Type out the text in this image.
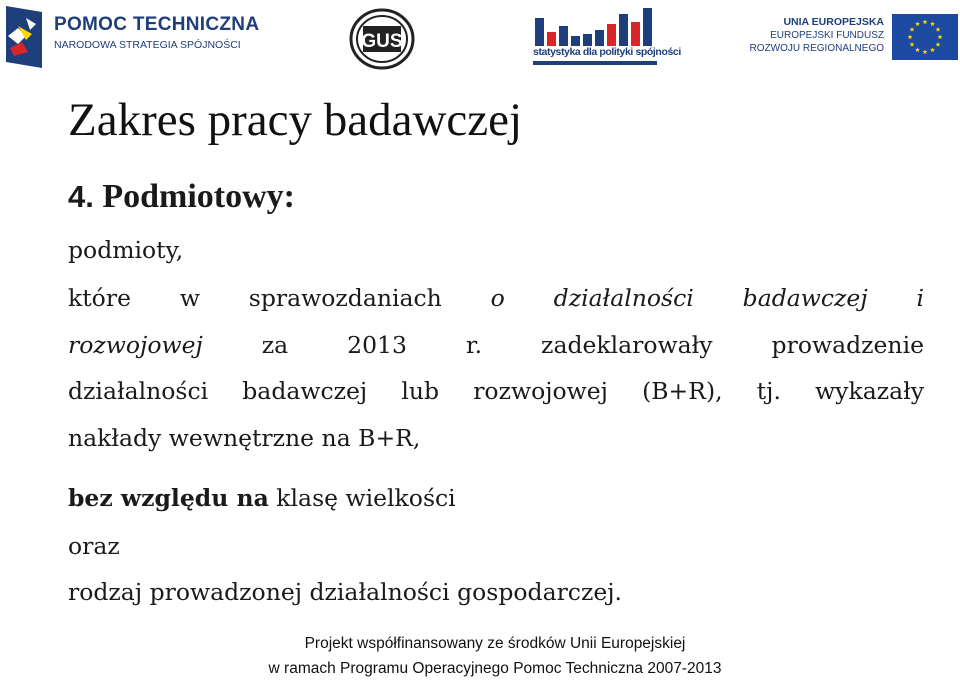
POMOC TECHNICZNA
NARODOWA STRATEGIA SPÓJNOŚCI	GUS	statystyka dla polityki spójności
UNIA EUROPEJSKA
EUROPEJSKI FUNDUSZ
ROZWOJU REGIONALNEGO
Zakres pracy badawczej
4. Podmiotowy:
podmioty,
które w sprawozdaniach o działalności badawczej i
rozwojowej	za 2013 r. zadeklarowały prowadzenie
działalności badawczej lub rozwojowej (B+R), tj. wykazały
nakłady wewnętrzne na B+R,
bez względu na klasę wielkości
oraz
rodzaj prowadzonej działalności gospodarczej.
Projekt współfinansowany ze środków Unii Europejskiej
w ramach Programu Operacyjnego Pomoc Techniczna 2007-2013
